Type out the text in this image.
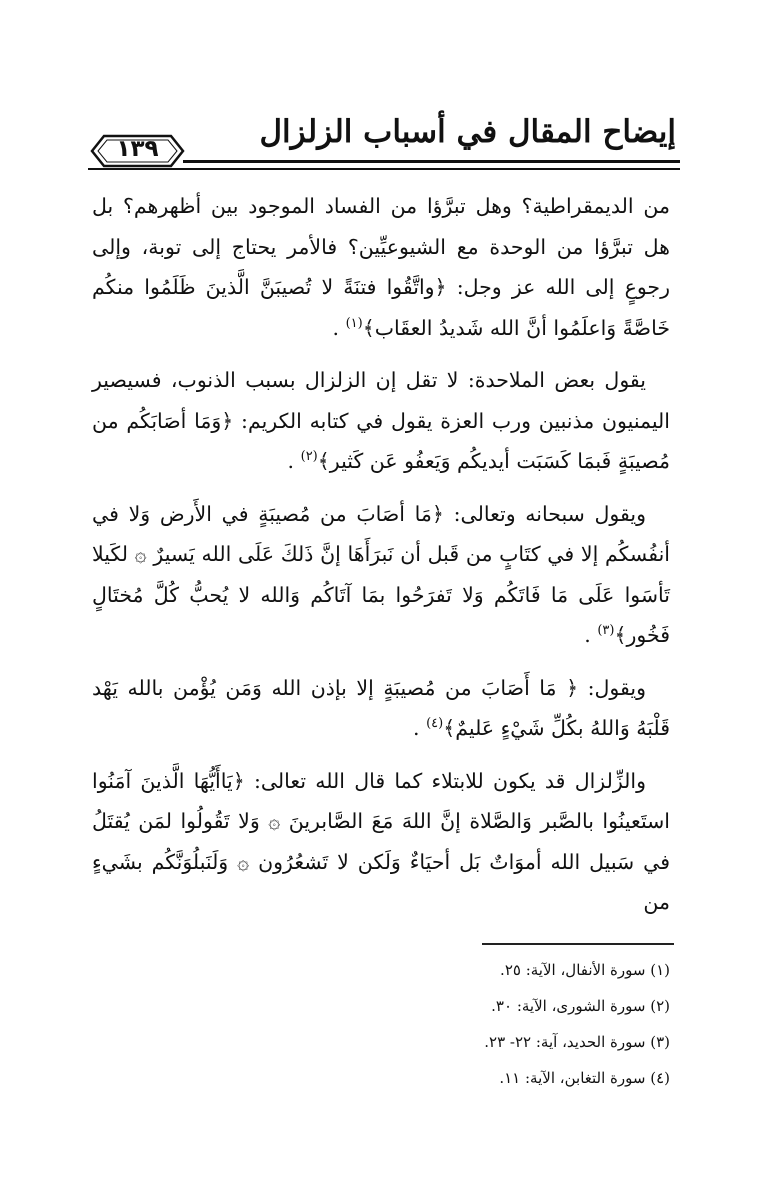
إيضاح المقال في أسباب الزلزال
١٣٩

من الديمقراطية؟ وهل تبرَّؤا من الفساد الموجود بين أظهرهم؟ بل هل تبرَّؤا من الوحدة مع الشيوعيِّين؟ فالأمر يحتاج إلى توبة، وإلى رجوعٍ إلى الله عز وجل: ﴿واتَّقُوا فتنَةً لا تُصيبَنَّ الَّذينَ ظَلَمُوا منكُم خَاصَّةً وَاعلَمُوا أنَّ الله شَديدُ العقَاب﴾$^{(١)}$ .

يقول بعض الملاحدة: لا تقل إن الزلزال بسبب الذنوب، فسيصير اليمنيون مذنبين ورب العزة يقول في كتابه الكريم: ﴿وَمَا أصَابَكُم من مُصيبَةٍ فَبمَا كَسَبَت أيديكُم وَيَعفُو عَن كَثير﴾$^{(٢)}$ .

ويقول سبحانه وتعالى: ﴿مَا أصَابَ من مُصيبَةٍ في الأَرض وَلا في أنفُسكُم إلا في كتَابٍ من قَبل أن نَبرَأَهَا إنَّ ذَلكَ عَلَى الله يَسيرٌ ۞ لكَيلا تَأسَوا عَلَى مَا فَاتَكُم وَلا تَفرَحُوا بمَا آتَاكُم وَالله لا يُحبُّ كُلَّ مُختَالٍ فَخُور﴾$^{(٣)}$ .

ويقول: ﴿ مَا أَصَابَ من مُصيبَةٍ إلا بإذن الله وَمَن يُؤْمن بالله يَهْد قَلْبَهُ وَاللهُ بكُلِّ شَيْءٍ عَليمٌ﴾$^{(٤)}$ .

والزِّلزال قد يكون للابتلاء كما قال الله تعالى: ﴿يَاأَيُّهَا الَّذينَ آمَنُوا استَعينُوا بالصَّبر وَالصَّلاة إنَّ اللهَ مَعَ الصَّابرينَ ۞ وَلا تَقُولُوا لمَن يُقتَلُ في سَبيل الله أموَاتٌ بَل أحيَاءٌ وَلَكن لا تَشعُرُون ۞ وَلَنَبلُوَنَّكُم بشَيءٍ من

(١) سورة الأنفال، الآية: ٢٥.
(٢) سورة الشورى، الآية: ٣٠.
(٣) سورة الحديد، آية: ٢٢- ٢٣.
(٤) سورة التغابن، الآية: ١١.
